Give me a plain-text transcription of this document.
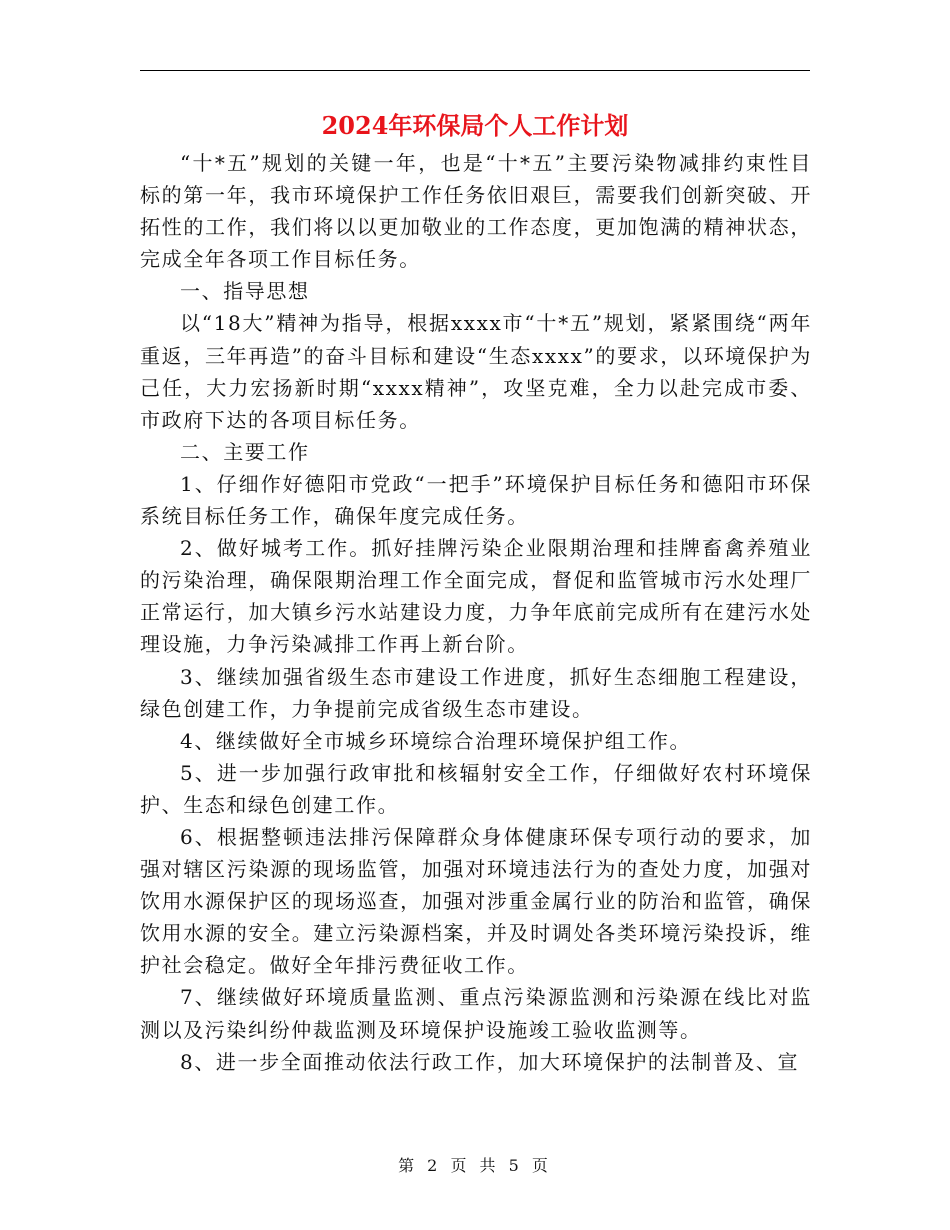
2024年环保局个人工作计划

“十*五”规划的关键一年，也是“十*五”主要污染物减排约束性目标的第一年，我市环境保护工作任务依旧艰巨，需要我们创新突破、开拓性的工作，我们将以以更加敬业的工作态度，更加饱满的精神状态，完成全年各项工作目标任务。

一、指导思想

以“18大”精神为指导，根据xxxx市“十*五”规划，紧紧围绕“两年重返，三年再造”的奋斗目标和建设“生态xxxx”的要求，以环境保护为己任，大力宏扬新时期“xxxx精神”，攻坚克难，全力以赴完成市委、市政府下达的各项目标任务。

二、主要工作

1、仔细作好德阳市党政“一把手”环境保护目标任务和德阳市环保系统目标任务工作，确保年度完成任务。

2、做好城考工作。抓好挂牌污染企业限期治理和挂牌畜禽养殖业的污染治理，确保限期治理工作全面完成，督促和监管城市污水处理厂正常运行，加大镇乡污水站建设力度，力争年底前完成所有在建污水处理设施，力争污染减排工作再上新台阶。

3、继续加强省级生态市建设工作进度，抓好生态细胞工程建设，绿色创建工作，力争提前完成省级生态市建设。

4、继续做好全市城乡环境综合治理环境保护组工作。

5、进一步加强行政审批和核辐射安全工作，仔细做好农村环境保护、生态和绿色创建工作。

6、根据整顿违法排污保障群众身体健康环保专项行动的要求，加强对辖区污染源的现场监管，加强对环境违法行为的查处力度，加强对饮用水源保护区的现场巡查，加强对涉重金属行业的防治和监管，确保饮用水源的安全。建立污染源档案，并及时调处各类环境污染投诉，维护社会稳定。做好全年排污费征收工作。

7、继续做好环境质量监测、重点污染源监测和污染源在线比对监测以及污染纠纷仲裁监测及环境保护设施竣工验收监测等。

8、进一步全面推动依法行政工作，加大环境保护的法制普及、宣

第 2 页 共 5 页
